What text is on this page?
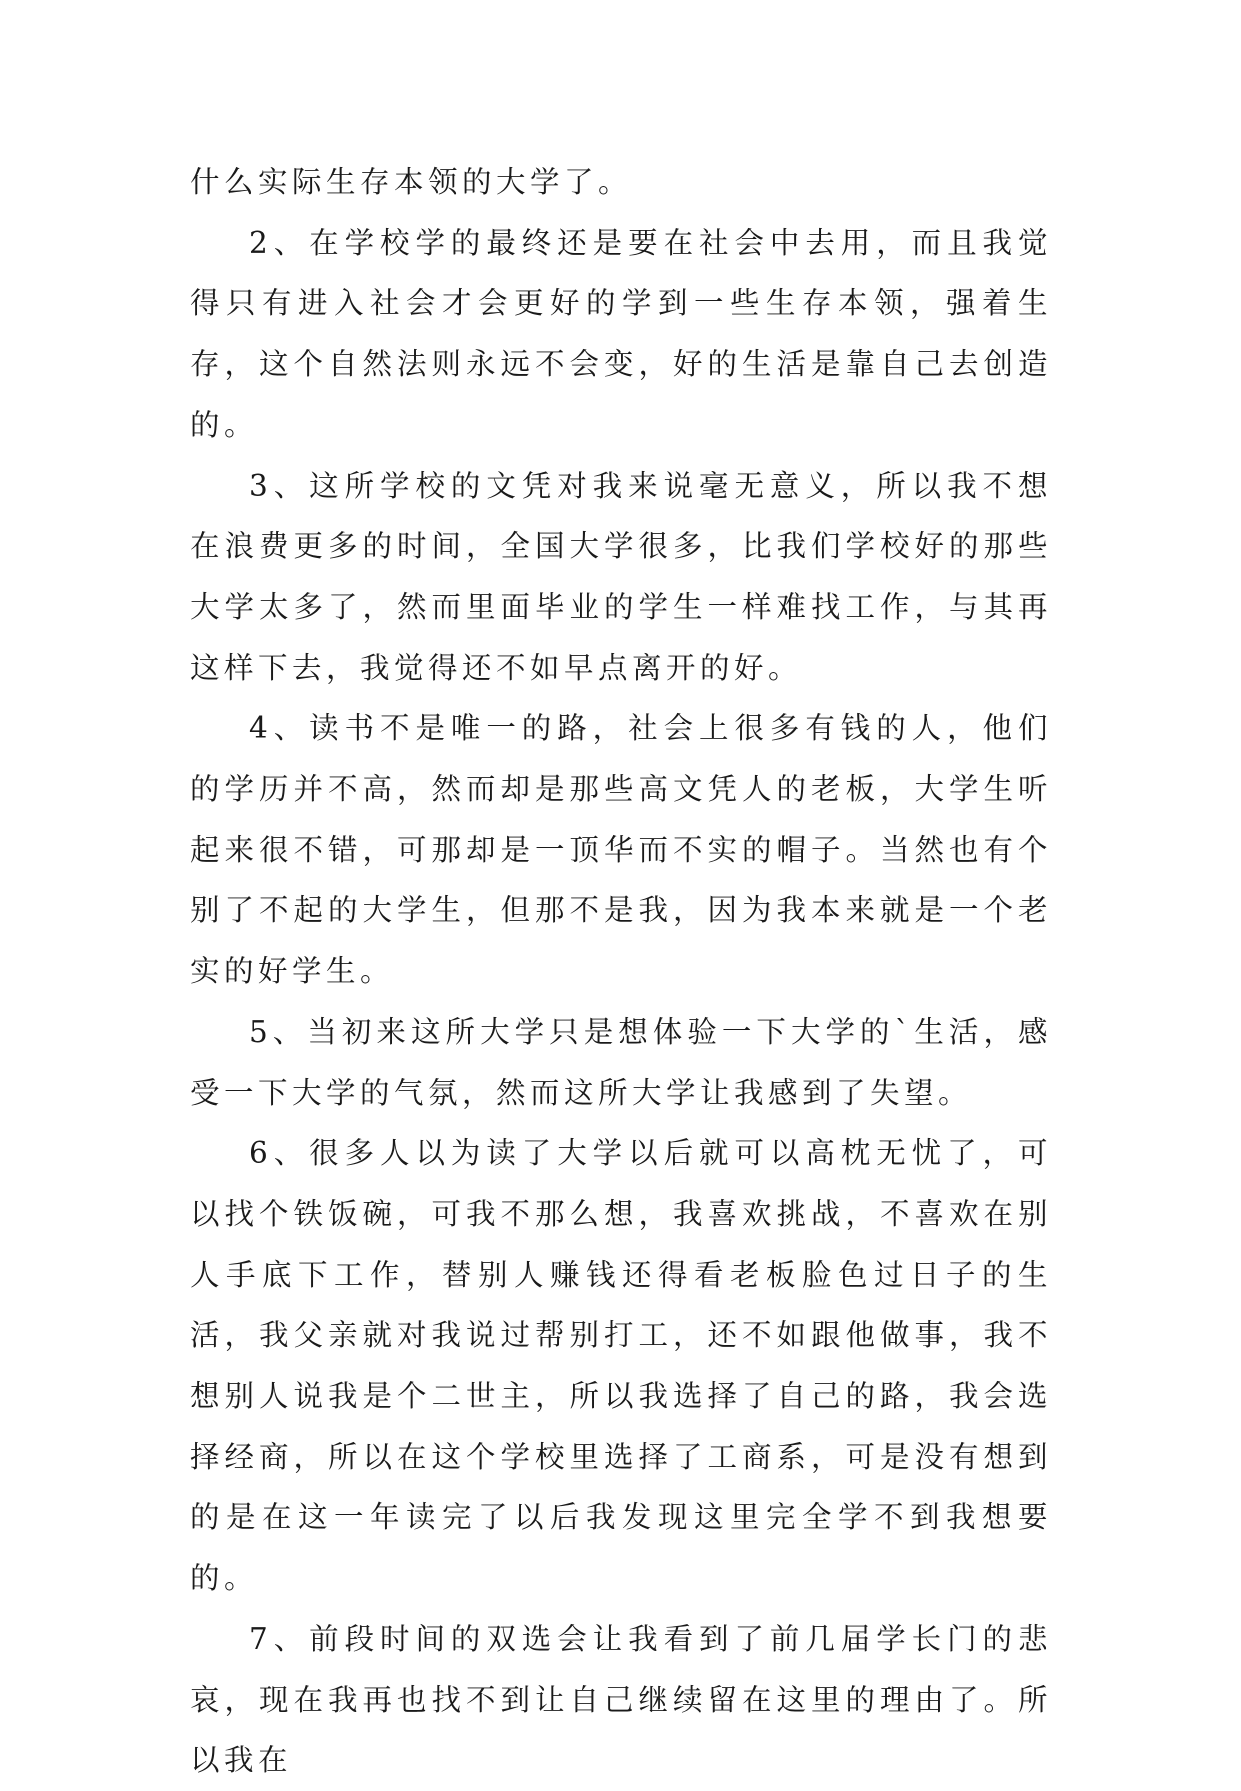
什么实际生存本领的大学了。

2、在学校学的最终还是要在社会中去用，而且我觉得只有进入社会才会更好的学到一些生存本领，强着生存，这个自然法则永远不会变，好的生活是靠自己去创造的。

3、这所学校的文凭对我来说毫无意义，所以我不想在浪费更多的时间，全国大学很多，比我们学校好的那些大学太多了，然而里面毕业的学生一样难找工作，与其再这样下去，我觉得还不如早点离开的好。

4、读书不是唯一的路，社会上很多有钱的人，他们的学历并不高，然而却是那些高文凭人的老板，大学生听起来很不错，可那却是一顶华而不实的帽子。当然也有个别了不起的大学生，但那不是我，因为我本来就是一个老实的好学生。

5、当初来这所大学只是想体验一下大学的`生活，感受一下大学的气氛，然而这所大学让我感到了失望。

6、很多人以为读了大学以后就可以高枕无忧了，可以找个铁饭碗，可我不那么想，我喜欢挑战，不喜欢在别人手底下工作，替别人赚钱还得看老板脸色过日子的生活，我父亲就对我说过帮别打工，还不如跟他做事，我不想别人说我是个二世主，所以我选择了自己的路，我会选择经商，所以在这个学校里选择了工商系，可是没有想到的是在这一年读完了以后我发现这里完全学不到我想要的。

7、前段时间的双选会让我看到了前几届学长门的悲哀，现在我再也找不到让自己继续留在这里的理由了。所以我在
